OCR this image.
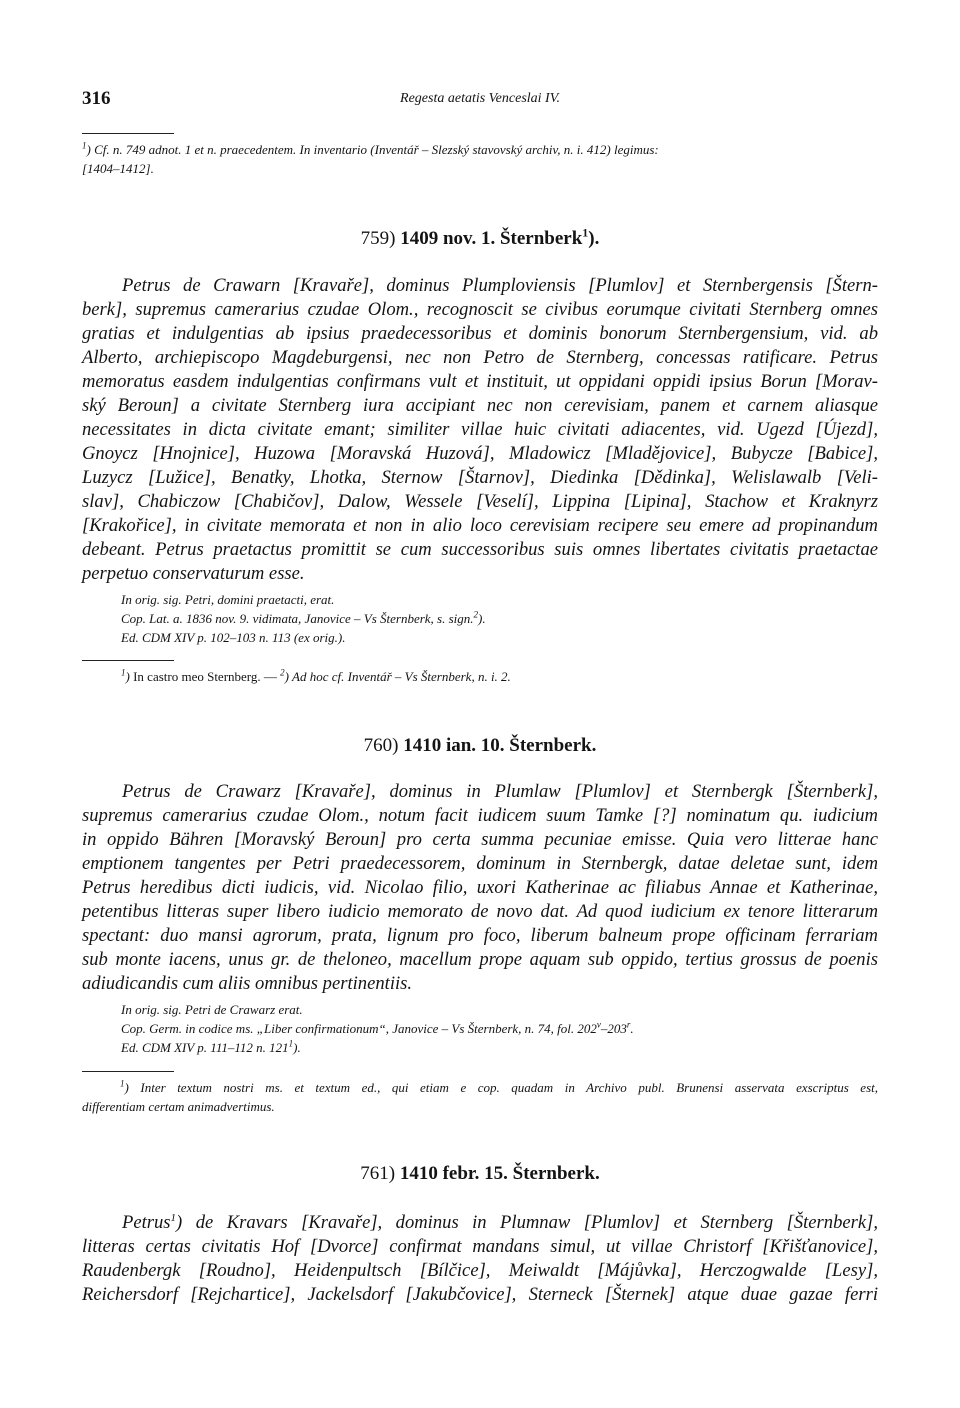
316	Regesta aetatis Venceslai IV.
$^1$) Cf. n. 749 adnot. 1 et n. praecedentem. In inventario (Inventář – Slezský stavovský archiv, n. i. 412) legimus:
[1404–1412].
759) 1409 nov. 1. Šternberk$^1$).
Petrus de Crawarn [Kravaře], dominus Plumploviensis [Plumlov] et Sternbergensis [Štern-
berk], supremus camerarius czudae Olom., recognoscit se civibus eorumque civitati Sternberg omnes
gratias et indulgentias ab ipsius praedecessoribus et dominis bonorum Sternbergensium, vid. ab
Alberto, archiepiscopo Magdeburgensi, nec non Petro de Sternberg, concessas ratificare. Petrus
memoratus easdem indulgentias confirmans vult et instituit, ut oppidani oppidi ipsius Borun [Morav-
ský Beroun] a civitate Sternberg iura accipiant nec non cerevisiam, panem et carnem aliasque
necessitates in dicta civitate emant; similiter villae huic civitati adiacentes, vid. Ugezd [Újezd],
Gnoycz [Hnojnice], Huzowa [Moravská Huzová], Mladowicz [Mladějovice], Bubycze [Babice],
Luzycz [Lužice], Benatky, Lhotka, Sternow [Štarnov], Diedinka [Dědinka], Welislawalb [Veli-
slav], Chabiczow [Chabičov], Dalow, Wessele [Veselí], Lippina [Lipina], Stachow et Kraknyrz
[Krakořice], in civitate memorata et non in alio loco cerevisiam recipere seu emere ad propinandum
debeant. Petrus praetactus promittit se cum successoribus suis omnes libertates civitatis praetactae
perpetuo conservaturum esse.
In orig. sig. Petri, domini praetacti, erat.
Cop. Lat. a. 1836 nov. 9. vidimata, Janovice – Vs Šternberk, s. sign.$^2$).
Ed. CDM XIV p. 102–103 n. 113 (ex orig.).
$^1$) In castro meo Sternberg. — $^2$) Ad hoc cf. Inventář – Vs Šternberk, n. i. 2.
760) 1410 ian. 10. Šternberk.
Petrus de Crawarz [Kravaře], dominus in Plumlaw [Plumlov] et Sternbergk [Šternberk],
supremus camerarius czudae Olom., notum facit iudicem suum Tamke [?] nominatum qu. iudicium
in oppido Bähren [Moravský Beroun] pro certa summa pecuniae emisse. Quia vero litterae hanc
emptionem tangentes per Petri praedecessorem, dominum in Sternbergk, datae deletae sunt, idem
Petrus heredibus dicti iudicis, vid. Nicolao filio, uxori Katherinae ac filiabus Annae et Katherinae,
petentibus litteras super libero iudicio memorato de novo dat. Ad quod iudicium ex tenore litterarum
spectant: duo mansi agrorum, prata, lignum pro foco, liberum balneum prope officinam ferrariam
sub monte iacens, unus gr. de theloneo, macellum prope aquam sub oppido, tertius grossus de poenis
adiudicandis cum aliis omnibus pertinentiis.
In orig. sig. Petri de Crawarz erat.
Cop. Germ. in codice ms. „Liber confirmationum“, Janovice – Vs Šternberk, n. 74, fol. 202$^v$–203$^r$.
Ed. CDM XIV p. 111–112 n. $121^1$).
$^1$) Inter textum nostri ms. et textum ed., qui etiam e cop. quadam in Archivo publ. Brunensi asservata exscriptus est,
differentiam certam animadvertimus.
761) 1410 febr. 15. Šternberk.
Petrus$^1$) de Kravars [Kravaře], dominus in Plumnaw [Plumlov] et Sternberg [Šternberk],
litteras certas civitatis Hof [Dvorce] confirmat mandans simul, ut villae Christorf [Křišťanovice],
Raudenbergk [Roudno], Heidenpultsch [Bílčice], Meiwaldt [Májůvka], Herczogwalde [Lesy],
Reichersdorf [Rejchartice], Jackelsdorf [Jakubčovice], Sterneck [Šternek] atque duae gazae ferri
